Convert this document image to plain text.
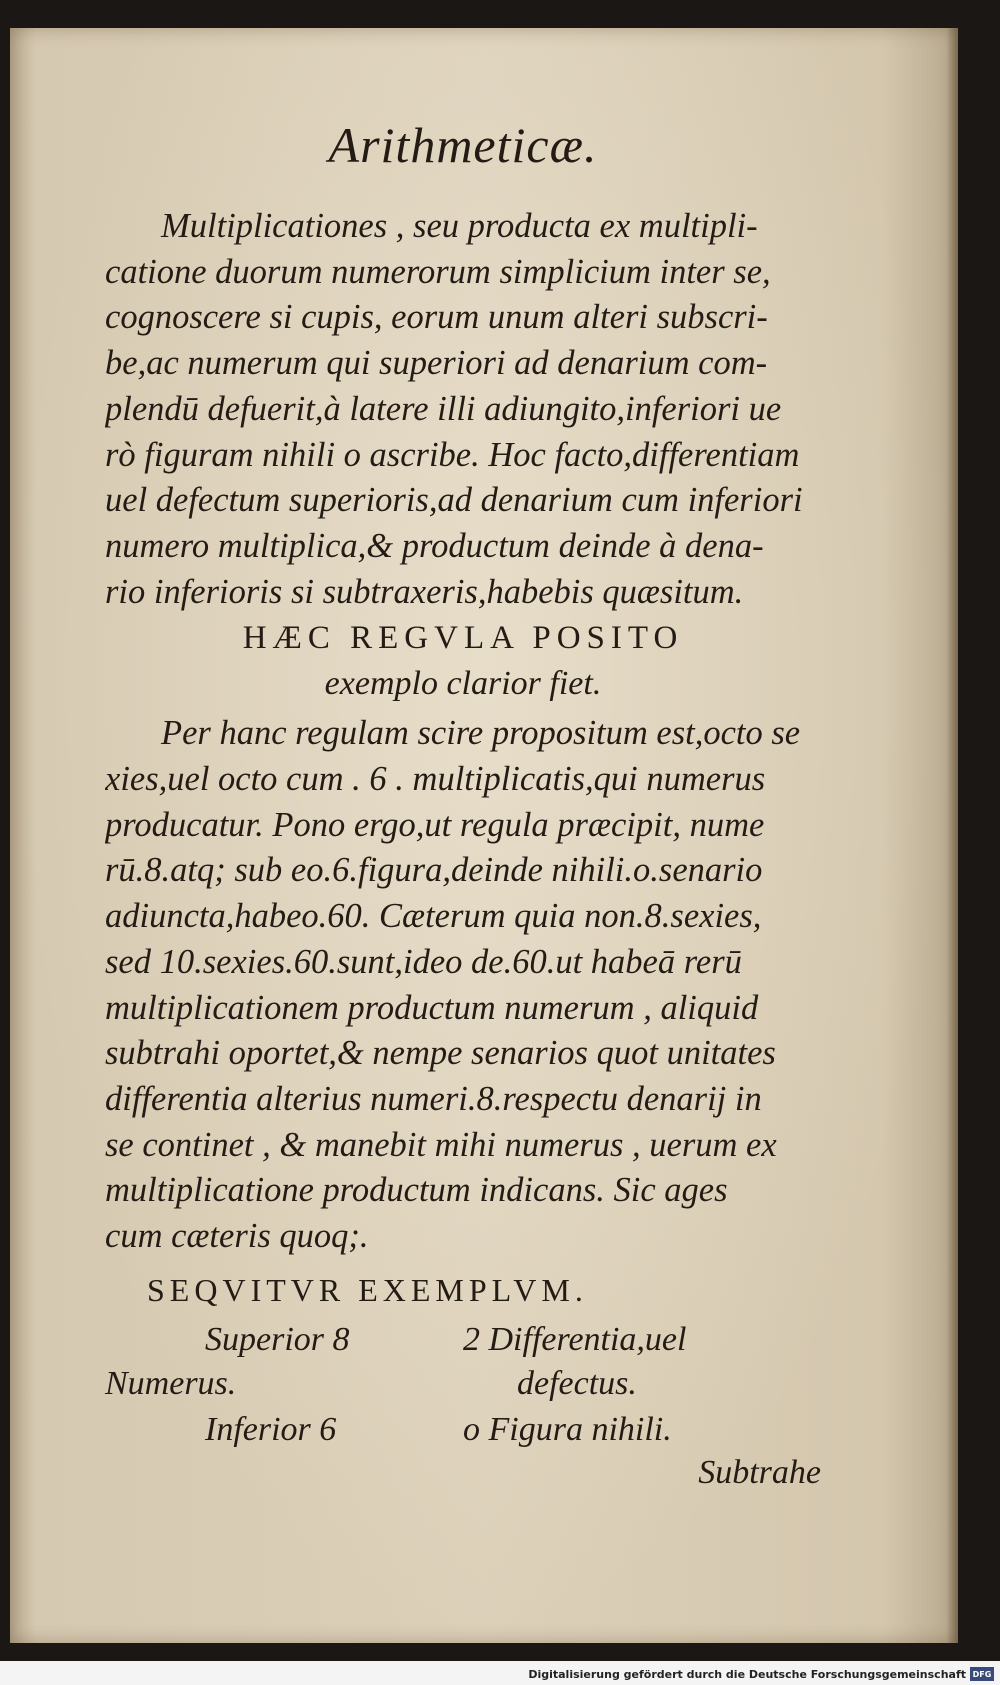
Arithmeticæ.
Multiplicationes , seu producta ex multipli-
catione duorum numerorum simplicium inter se,
cognoscere si cupis, eorum unum alteri subscri-
be,ac numerum qui superiori ad denarium com-
plendū defuerit,à latere illi adiungito,inferiori ue
rò figuram nihili o ascribe. Hoc facto,differentiam
uel defectum superioris,ad denarium cum inferiori
numero multiplica,& productum deinde à dena-
rio inferioris si subtraxeris,habebis quæsitum.
HÆC REGVLA POSITO
exemplo clarior fiet.
Per hanc regulam scire propositum est,octo se
xies,uel octo cum . 6 . multiplicatis,qui numerus
producatur. Pono ergo,ut regula præcipit, nume
rū.8.atq; sub eo.6.figura,deinde nihili.o.senario
adiuncta,habeo.60. Cæterum quia non.8.sexies,
sed 10.sexies.60.sunt,ideo de.60.ut habeā rerū
multiplicationem productum numerum , aliquid
subtrahi oportet,& nempe senarios quot unitates
differentia alterius numeri.8.respectu denarij in
se continet , & manebit mihi numerus , uerum ex
multiplicatione productum indicans. Sic ages
cum cæteris quoq;.
SEQVITVR EXEMPLVM.
Superior 8	2 Differentia,uel
Numerus.	defectus.
Inferior 6	o Figura nihili.
Subtrahe
Digitalisierung gefördert durch die Deutsche Forschungsgemeinschaft DFG
